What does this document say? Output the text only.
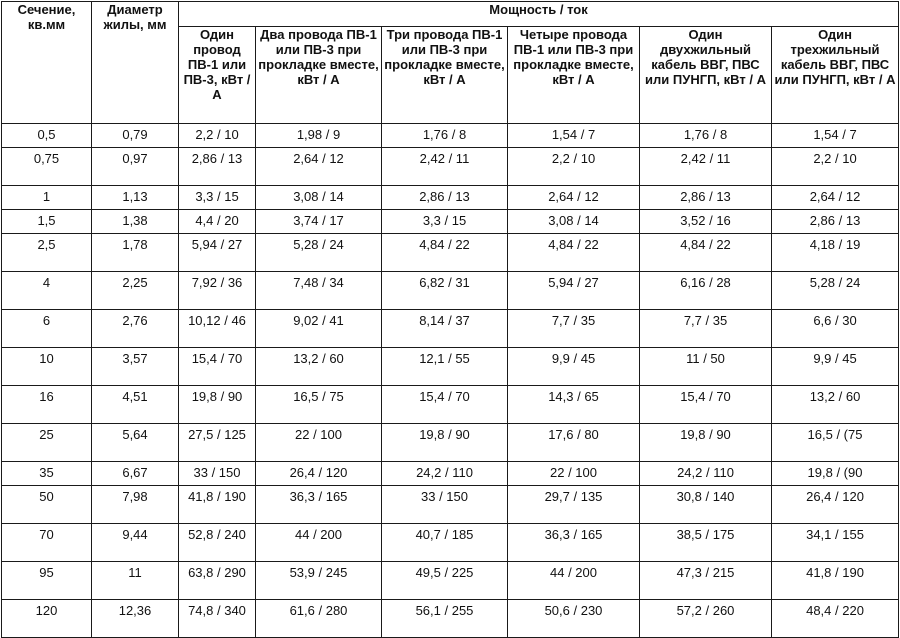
Сечение, кв.мм	Диаметр жилы, мм	Мощность / ток					
		Один провод ПВ-1 или ПВ-3, кВт / А	Два провода ПВ-1 или ПВ-3 при прокладке вместе, кВт / А	Три провода ПВ-1 или ПВ-3 при прокладке вместе, кВт / А	Четыре провода ПВ-1 или ПВ-3 при прокладке вместе, кВт / А	Один двухжильный кабель ВВГ, ПВС или ПУНГП, кВт / А	Один трехжильный кабель ВВГ, ПВС или ПУНГП, кВт / А
0,5	0,79	2,2 / 10	1,98 / 9	1,76 / 8	1,54 / 7	1,76 / 8	1,54 / 7
0,75	0,97	2,86 / 13	2,64 / 12	2,42 / 11	2,2 / 10	2,42 / 11	2,2 / 10
1	1,13	3,3 / 15	3,08 / 14	2,86 / 13	2,64 / 12	2,86 / 13	2,64 / 12
1,5	1,38	4,4 / 20	3,74 / 17	3,3 / 15	3,08 / 14	3,52 / 16	2,86 / 13
2,5	1,78	5,94 / 27	5,28 / 24	4,84 / 22	4,84 / 22	4,84 / 22	4,18 / 19
4	2,25	7,92 / 36	7,48 / 34	6,82 / 31	5,94 / 27	6,16 / 28	5,28 / 24
6	2,76	10,12 / 46	9,02 / 41	8,14 / 37	7,7 / 35	7,7 / 35	6,6 / 30
10	3,57	15,4 / 70	13,2 / 60	12,1 / 55	9,9 / 45	11 / 50	9,9 / 45
16	4,51	19,8 / 90	16,5 / 75	15,4 / 70	14,3 / 65	15,4 / 70	13,2 / 60
25	5,64	27,5 / 125	22 / 100	19,8 / 90	17,6 / 80	19,8 / 90	16,5 / (75
35	6,67	33 / 150	26,4 / 120	24,2 / 110	22 / 100	24,2 / 110	19,8 / (90
50	7,98	41,8 / 190	36,3 / 165	33 / 150	29,7 / 135	30,8 / 140	26,4 / 120
70	9,44	52,8 / 240	44 / 200	40,7 / 185	36,3 / 165	38,5 / 175	34,1 / 155
95	11	63,8 / 290	53,9 / 245	49,5 / 225	44 / 200	47,3 / 215	41,8 / 190
120	12,36	74,8 / 340	61,6 / 280	56,1 / 255	50,6 / 230	57,2 / 260	48,4 / 220
